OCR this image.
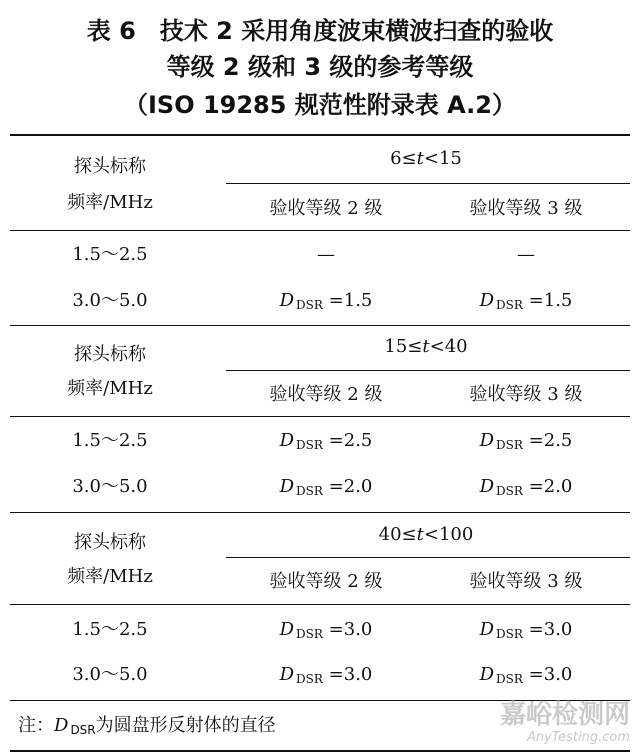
表 6　技术 2 采用角度波束横波扫查的验收
等级 2 级和 3 级的参考等级
（ISO 19285 规范性附录表 A.2）
探头标称
频率/MHz
6≤t<15
验收等级 2 级	验收等级 3 级
1.5～2.5	—	—
3.0～5.0	DDSR =1.5	DDSR =1.5
探头标称
频率/MHz
15≤t<40
验收等级 2 级	验收等级 3 级
1.5～2.5	DDSR =2.5	DDSR =2.5
3.0～5.0	DDSR =2.0	DDSR =2.0
探头标称
频率/MHz
40≤t<100
验收等级 2 级	验收等级 3 级
1.5～2.5	DDSR =3.0	DDSR =3.0
3.0～5.0	DDSR =3.0	DDSR =3.0
注：D DSR为圆盘形反射体的直径	嘉峪检测网
AnyTesting.com
